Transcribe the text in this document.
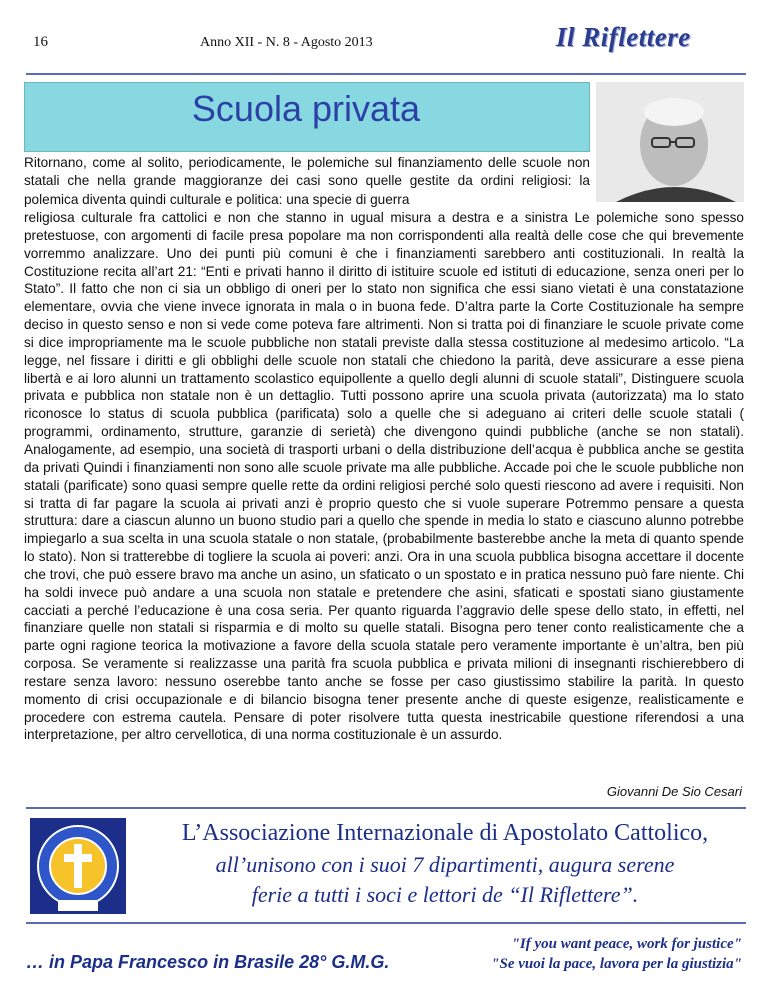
16	Anno XII - N. 8 - Agosto 2013	Il Riflettere
Scuola privata
Ritornano, come al solito, periodicamente, le polemiche sul finanziamento delle scuole non statali che nella grande maggioranze dei casi sono quelle gestite da ordini religiosi: la polemica diventa quindi culturale e politica: una specie di guerra
religiosa culturale fra cattolici e non che stanno in ugual misura a destra e a sinistra Le polemiche sono spesso pretestuose, con argomenti di facile presa popolare ma non corrispondenti alla realtà delle cose che qui brevemente vorremmo analizzare. Uno dei punti più comuni è che i finanziamenti sarebbero anti costituzionali. In realtà la Costituzione recita all’art 21: “Enti e privati hanno il diritto di istituire scuole ed istituti di educazione, senza oneri per lo Stato”. Il fatto che non ci sia un obbligo di oneri per lo stato non significa che essi siano vietati è una constatazione elementare, ovvia che viene invece ignorata in mala o in buona fede. D’altra parte la Corte Costituzionale ha sempre deciso in questo senso e non si vede come poteva fare altrimenti. Non si tratta poi di finanziare le scuole private come si dice impropriamente ma le scuole pubbliche non statali previste dalla stessa costituzione al medesimo articolo. “La legge, nel fissare i diritti e gli obblighi delle scuole non statali che chiedono la parità, deve assicurare a esse piena libertà e ai loro alunni un trattamento scolastico equipollente a quello degli alunni di scuole statali”, Distinguere scuola privata e pubblica non statale non è un dettaglio. Tutti possono aprire una scuola privata (autorizzata) ma lo stato riconosce lo status di scuola pubblica (parificata) solo a quelle che si adeguano ai criteri delle scuole statali ( programmi, ordinamento, strutture, garanzie di serietà) che divengono quindi pubbliche (anche se non statali). Analogamente, ad esempio, una società di trasporti urbani o della distribuzione dell’acqua è pubblica anche se gestita da privati Quindi i finanziamenti non sono alle scuole private ma alle pubbliche. Accade poi che le scuole pubbliche non statali (parificate) sono quasi sempre quelle rette da ordini religiosi perché solo questi riescono ad avere i requisiti. Non si tratta di far pagare la scuola ai privati anzi è proprio questo che si vuole superare Potremmo pensare a questa struttura: dare a ciascun alunno un buono studio pari a quello che spende in media lo stato e ciascuno alunno potrebbe impiegarlo a sua scelta in una scuola statale o non statale, (probabilmente basterebbe anche la meta di quanto spende lo stato). Non si tratterebbe di togliere la scuola ai poveri: anzi. Ora in una scuola pubblica bisogna accettare il docente che trovi, che può essere bravo ma anche un asino, un sfaticato o un spostato e in pratica nessuno può fare niente. Chi ha soldi invece può andare a una scuola non statale e pretendere che asini, sfaticati e spostati siano giustamente cacciati a perché l’educazione è una cosa seria. Per quanto riguarda l’aggravio delle spese dello stato, in effetti, nel finanziare quelle non statali si risparmia e di molto su quelle statali. Bisogna pero tener conto realisticamente che a parte ogni ragione teorica la motivazione a favore della scuola statale pero veramente importante è un’altra, ben più corposa. Se veramente si realizzasse una parità fra scuola pubblica e privata milioni di insegnanti rischierebbero di restare senza lavoro: nessuno oserebbe tanto anche se fosse per caso giustissimo stabilire la parità. In questo momento di crisi occupazionale e di bilancio bisogna tener presente anche di queste esigenze, realisticamente e procedere con estrema cautela. Pensare di poter risolvere tutta questa inestricabile questione riferendosi a una interpretazione, per altro cervellotica, di una norma costituzionale è un assurdo.
Giovanni De Sio Cesari
L’Associazione Internazionale di Apostolato Cattolico,
all’unisono con i suoi 7 dipartimenti, augura serene
ferie a tutti i soci e lettori de “Il Riflettere”.
… in Papa Francesco in Brasile 28° G.M.G.
"If you want peace, work for justice"
"Se vuoi la pace, lavora per la giustizia"
